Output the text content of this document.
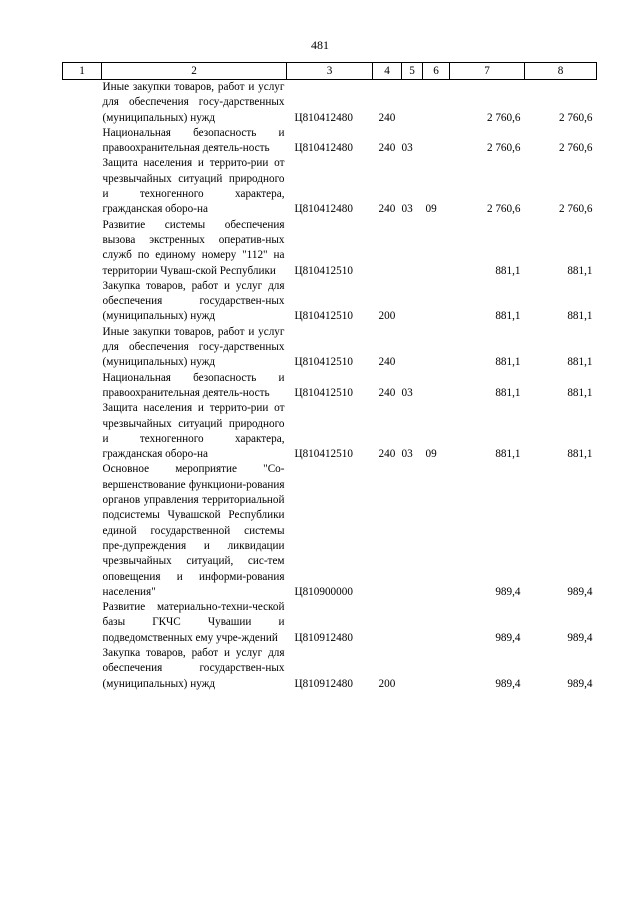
481
1	2	3	4	5	6	7	8
	Иные закупки товаров, работ и услуг для обеспечения госу-дарственных (муниципальных) нужд	Ц810412480	240			2 760,6	2 760,6
	Национальная безопасность и правоохранительная деятель-ность	Ц810412480	240	03		2 760,6	2 760,6
	Защита населения и террито-рии от чрезвычайных ситуаций природного и техногенного характера, гражданская оборо-на	Ц810412480	240	03	09	2 760,6	2 760,6
	Развитие системы обеспечения вызова экстренных оператив-ных служб по единому номеру "112" на территории Чуваш-ской Республики	Ц810412510				881,1	881,1
	Закупка товаров, работ и услуг для обеспечения государствен-ных (муниципальных) нужд	Ц810412510	200			881,1	881,1
	Иные закупки товаров, работ и услуг для обеспечения госу-дарственных (муниципальных) нужд	Ц810412510	240			881,1	881,1
	Национальная безопасность и правоохранительная деятель-ность	Ц810412510	240	03		881,1	881,1
	Защита населения и террито-рии от чрезвычайных ситуаций природного и техногенного характера, гражданская оборо-на	Ц810412510	240	03	09	881,1	881,1
	Основное мероприятие "Со-вершенствование функциони-рования органов управления территориальной подсистемы Чувашской Республики единой государственной системы пре-дупреждения и ликвидации чрезвычайных ситуаций, сис-тем оповещения и информи-рования населения"	Ц810900000				989,4	989,4
	Развитие материально-техни-ческой базы ГКЧС Чувашии и подведомственных ему учре-ждений	Ц810912480				989,4	989,4
	Закупка товаров, работ и услуг для обеспечения государствен-ных (муниципальных) нужд	Ц810912480	200			989,4	989,4
